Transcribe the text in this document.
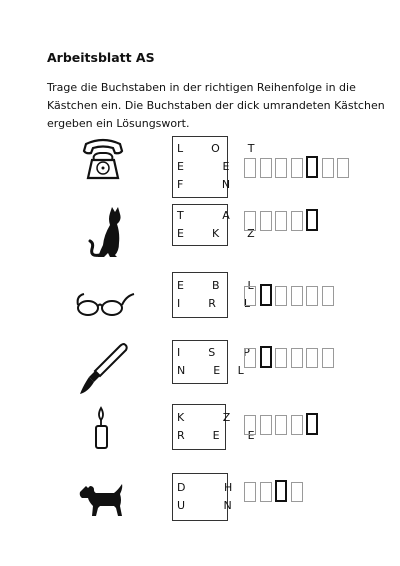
Arbeitsblatt AS
Trage die Buchstaben in der richtigen Reihenfolge in die
Kästchen ein. Die Buchstaben der dick umrandeten Kästchen
ergeben ein Lösungswort.
L  O  T
E   E
F   N
T   A
E  K  Z
E  B  L
I  R  L
I  S  P
N  E L
K   Z
R  E  E
D   H
U   N
